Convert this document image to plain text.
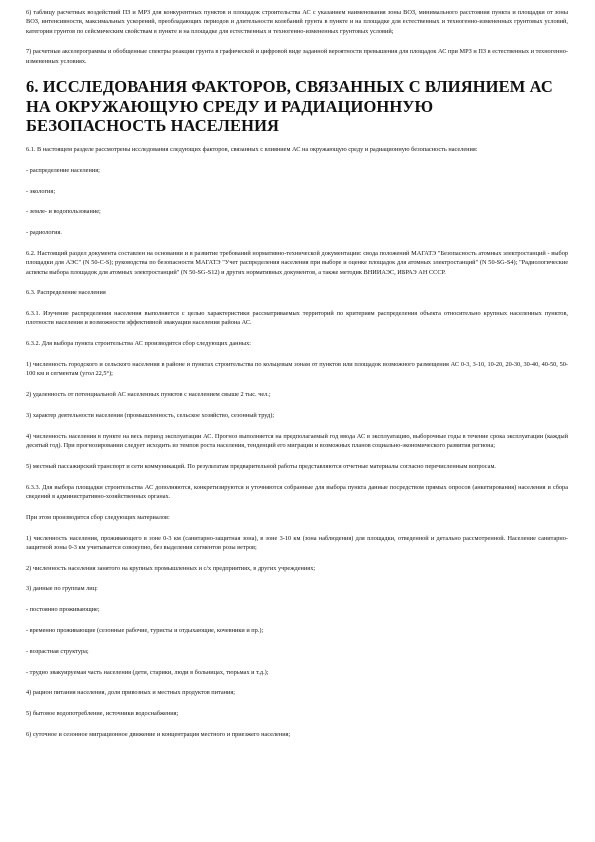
6) таблицу расчетных воздействий ПЗ и МРЗ для конкурентных пунктов и площадок строительства АС с указанием наименования зоны ВОЗ, минимального расстояния пункта и площадки от зоны ВОЗ, интенсивности, максимальных ускорений, преобладающих периодов и длительности колебаний грунта в пункте и на площадке для естественных и техногенно-измененных грунтовых условий, категории грунтов по сейсмическим свойствам в пункте и на площадке для естественных и техногенно-измененных грунтовых условий;

7) расчетные акселерограммы и обобщенные спектры реакции грунта в графической и цифровой виде заданной вероятности превышения для площадок АС при МРЗ и ПЗ в естественных и техногенно-измененных условиях.

6. ИССЛЕДОВАНИЯ ФАКТОРОВ, СВЯЗАННЫХ С ВЛИЯНИЕМ АС НА ОКРУЖАЮЩУЮ СРЕДУ И РАДИАЦИОННУЮ БЕЗОПАСНОСТЬ НАСЕЛЕНИЯ

6.1. В настоящем разделе рассмотрены исследования следующих факторов, связанных с влиянием АС на окружающую среду и радиационную безопасность населения:

- распределение населения;

- экология;

- земле- и водопользование;

- радиология.

6.2. Настоящий раздел документа составлен на основании и в развитие требований нормативно-технической документации: свода положений МАГАТЭ "Безопасность атомных электростанций - выбор площадки для АЭС" (N 50-C-S); руководства по безопасности МАГАТЭ "Учет распределения населения при выборе и оценке площадок для атомных электростанций" (N 50-SG-S4); "Радиологические аспекты выбора площадок для атомных электростанций" (N 50-SG-S12) и других нормативных документов, а также методик ВНИИАЭС, ИБРАЭ АН СССР.

6.3. Распределение населения

6.3.1. Изучение распределения населения выполняется с целью характеристики рассматриваемых территорий по критериям распределения объекта относительно крупных населенных пунктов, плотности населения и возможности эффективной эвакуации населения района АС.

6.3.2. Для выбора пункта строительства АС производится сбор следующих данных:

1) численность городского и сельского населения в районе и пунктах строительства по кольцевым зонам от пунктов или площадок возможного размещения АС 0-3, 3-10, 10-20, 20-30, 30-40, 40-50, 50-100 км и сегментам (угол 22,5°);

2) удаленность от потенциальной АС населенных пунктов с населением свыше 2 тыс. чел.;

3) характер деятельности населения (промышленность, сельское хозяйство, сезонный труд);

4) численность населения в пункте на весь период эксплуатации АС. Прогноз выполняется на предполагаемый год ввода АС в эксплуатацию, выборочные годы в течение срока эксплуатации (каждый десятый год). При прогнозировании следует исходить из темпов роста населения, тенденций его миграции и возможных планов социально-экономического развития региона;

5) местный пассажирский транспорт и сети коммуникаций. По результатам предварительной работы представляются отчетные материалы согласно перечисленным вопросам.

6.3.3. Для выбора площадки строительства АС дополняются, конкретизируются и уточняются собранные для выбора пункта данные посредством прямых опросов (анкетирования) населения и сбора сведений в административно-хозяйственных органах.

При этом производится сбор следующих материалов:

1) численность населения, проживающего в зоне 0-3 км (санитарно-защитная зона), в зоне 3-10 км (зона наблюдения) для площадки, отведенной и детально рассмотренной. Население санитарно-защитной зоны 0-3 км учитывается совокупно, без выделения сегментов розы ветров;

2) численность населения занятого на крупных промышленных и с/х предприятиях, в других учреждениях;

3) данные по группам лиц:

- постоянно проживающие;

- временно проживающие (сезонные рабочие, туристы и отдыхающие, кочевники и пр.);

- возрастная структура;

- трудно эвакуируемая часть населения (дети, старики, люди в больницах, тюрьмах и т.д.);

4) рацион питания населения, доля привозных и местных продуктов питания;

5) бытовое водопотребление, источники водоснабжения;

6) суточное и сезонное миграционное движение и концентрация местного и приезжего населения;
